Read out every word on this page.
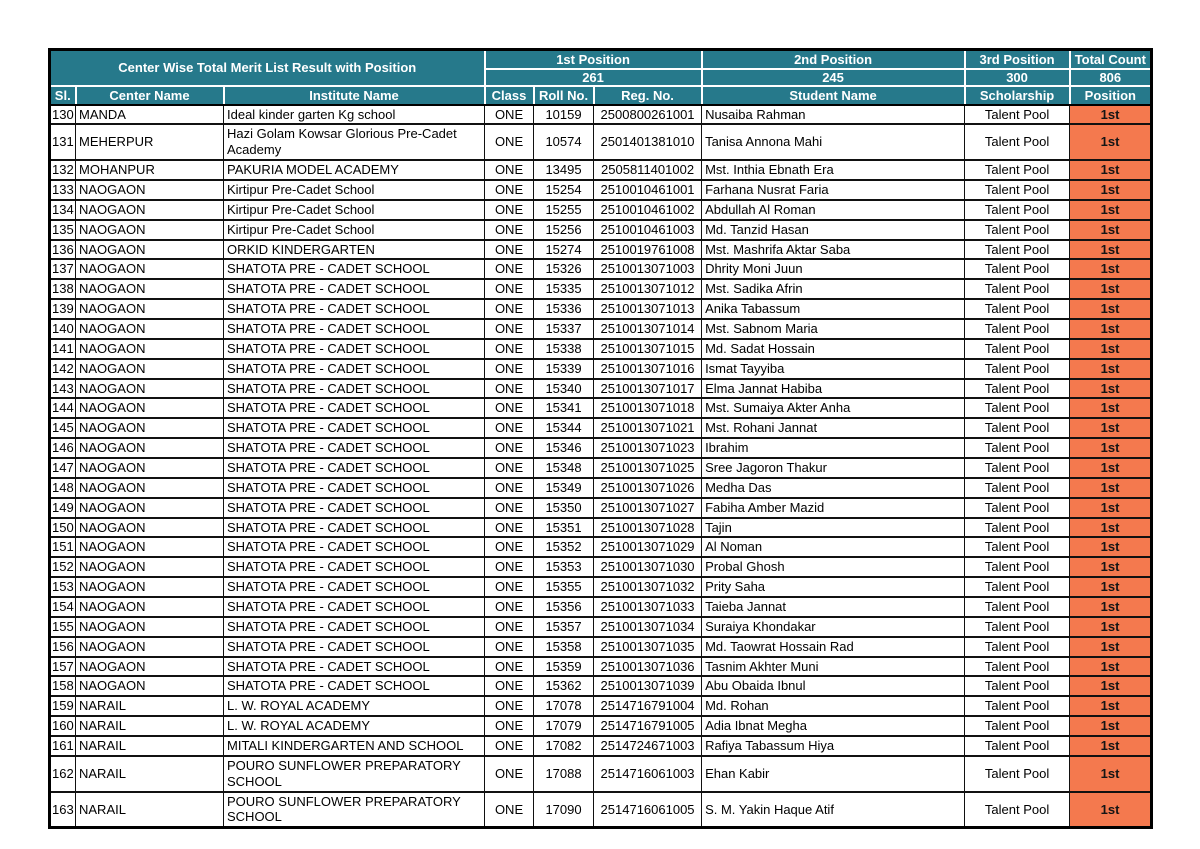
Center Wise Total Merit List Result with Position			1st Position			2nd Position	3rd Position	Total Count
			261			245	300	806
Sl.	Center Name	Institute Name	Class	Roll No.	Reg. No.	Student Name	Scholarship	Position
130	MANDA	Ideal kinder garten Kg school	ONE	10159	2500800261001	Nusaiba Rahman	Talent Pool	1st
131	MEHERPUR	Hazi Golam Kowsar Glorious Pre-Cadet Academy	ONE	10574	2501401381010	Tanisa Annona Mahi	Talent Pool	1st
132	MOHANPUR	PAKURIA MODEL ACADEMY	ONE	13495	2505811401002	Mst. Inthia Ebnath Era	Talent Pool	1st
133	NAOGAON	Kirtipur Pre-Cadet School	ONE	15254	2510010461001	Farhana Nusrat Faria	Talent Pool	1st
134	NAOGAON	Kirtipur Pre-Cadet School	ONE	15255	2510010461002	Abdullah Al Roman	Talent Pool	1st
135	NAOGAON	Kirtipur Pre-Cadet School	ONE	15256	2510010461003	Md. Tanzid Hasan	Talent Pool	1st
136	NAOGAON	ORKID KINDERGARTEN	ONE	15274	2510019761008	Mst. Mashrifa Aktar Saba	Talent Pool	1st
137	NAOGAON	SHATOTA PRE - CADET SCHOOL	ONE	15326	2510013071003	Dhrity Moni Juun	Talent Pool	1st
138	NAOGAON	SHATOTA PRE - CADET SCHOOL	ONE	15335	2510013071012	Mst. Sadika Afrin	Talent Pool	1st
139	NAOGAON	SHATOTA PRE - CADET SCHOOL	ONE	15336	2510013071013	Anika Tabassum	Talent Pool	1st
140	NAOGAON	SHATOTA PRE - CADET SCHOOL	ONE	15337	2510013071014	Mst. Sabnom Maria	Talent Pool	1st
141	NAOGAON	SHATOTA PRE - CADET SCHOOL	ONE	15338	2510013071015	Md. Sadat Hossain	Talent Pool	1st
142	NAOGAON	SHATOTA PRE - CADET SCHOOL	ONE	15339	2510013071016	Ismat Tayyiba	Talent Pool	1st
143	NAOGAON	SHATOTA PRE - CADET SCHOOL	ONE	15340	2510013071017	Elma Jannat Habiba	Talent Pool	1st
144	NAOGAON	SHATOTA PRE - CADET SCHOOL	ONE	15341	2510013071018	Mst. Sumaiya Akter Anha	Talent Pool	1st
145	NAOGAON	SHATOTA PRE - CADET SCHOOL	ONE	15344	2510013071021	Mst. Rohani Jannat	Talent Pool	1st
146	NAOGAON	SHATOTA PRE - CADET SCHOOL	ONE	15346	2510013071023	Ibrahim	Talent Pool	1st
147	NAOGAON	SHATOTA PRE - CADET SCHOOL	ONE	15348	2510013071025	Sree Jagoron Thakur	Talent Pool	1st
148	NAOGAON	SHATOTA PRE - CADET SCHOOL	ONE	15349	2510013071026	Medha Das	Talent Pool	1st
149	NAOGAON	SHATOTA PRE - CADET SCHOOL	ONE	15350	2510013071027	Fabiha Amber Mazid	Talent Pool	1st
150	NAOGAON	SHATOTA PRE - CADET SCHOOL	ONE	15351	2510013071028	Tajin	Talent Pool	1st
151	NAOGAON	SHATOTA PRE - CADET SCHOOL	ONE	15352	2510013071029	Al Noman	Talent Pool	1st
152	NAOGAON	SHATOTA PRE - CADET SCHOOL	ONE	15353	2510013071030	Probal Ghosh	Talent Pool	1st
153	NAOGAON	SHATOTA PRE - CADET SCHOOL	ONE	15355	2510013071032	Prity Saha	Talent Pool	1st
154	NAOGAON	SHATOTA PRE - CADET SCHOOL	ONE	15356	2510013071033	Taieba Jannat	Talent Pool	1st
155	NAOGAON	SHATOTA PRE - CADET SCHOOL	ONE	15357	2510013071034	Suraiya Khondakar	Talent Pool	1st
156	NAOGAON	SHATOTA PRE - CADET SCHOOL	ONE	15358	2510013071035	Md. Taowrat Hossain Rad	Talent Pool	1st
157	NAOGAON	SHATOTA PRE - CADET SCHOOL	ONE	15359	2510013071036	Tasnim Akhter Muni	Talent Pool	1st
158	NAOGAON	SHATOTA PRE - CADET SCHOOL	ONE	15362	2510013071039	Abu Obaida Ibnul	Talent Pool	1st
159	NARAIL	L. W. ROYAL ACADEMY	ONE	17078	2514716791004	Md. Rohan	Talent Pool	1st
160	NARAIL	L. W. ROYAL ACADEMY	ONE	17079	2514716791005	Adia Ibnat Megha	Talent Pool	1st
161	NARAIL	MITALI KINDERGARTEN AND SCHOOL	ONE	17082	2514724671003	Rafiya Tabassum Hiya	Talent Pool	1st
162	NARAIL	POURO SUNFLOWER PREPARATORY SCHOOL	ONE	17088	2514716061003	Ehan Kabir	Talent Pool	1st
163	NARAIL	POURO SUNFLOWER PREPARATORY SCHOOL	ONE	17090	2514716061005	S. M. Yakin Haque Atif	Talent Pool	1st
